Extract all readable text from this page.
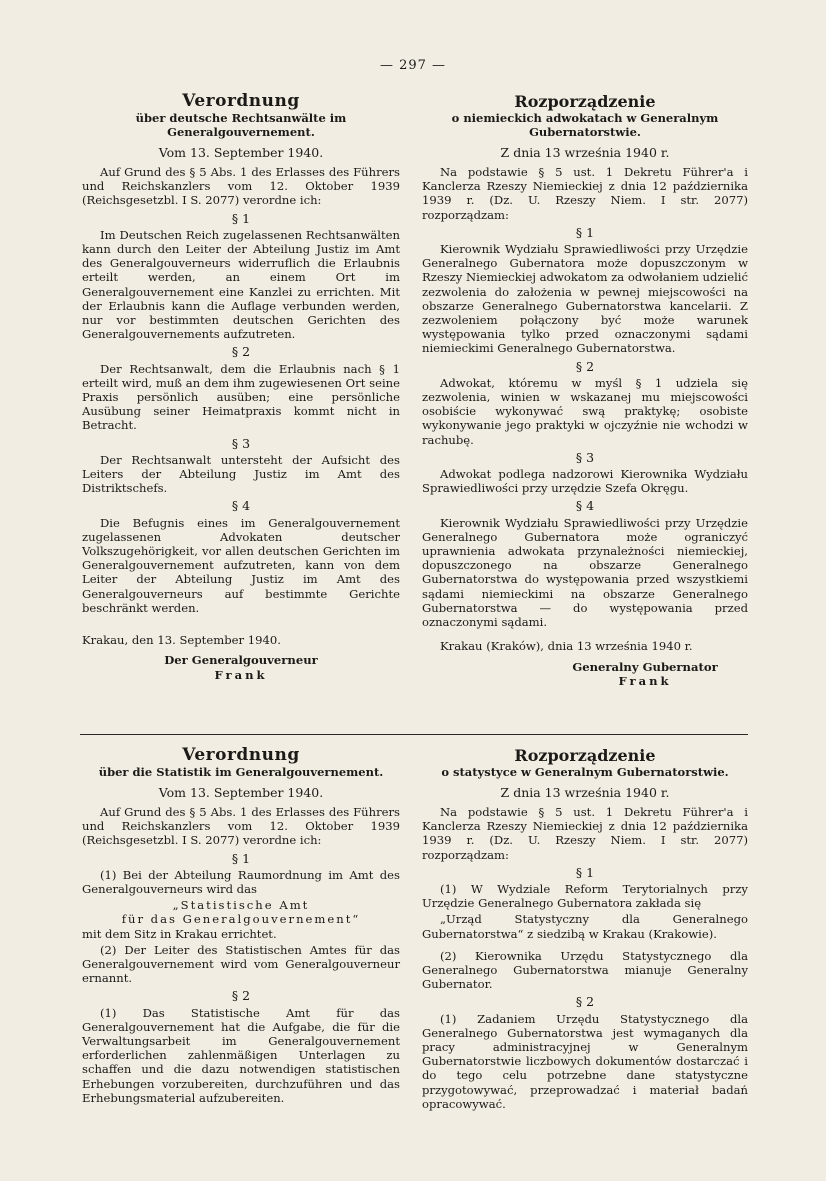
— 297 —

Verordnung

über deutsche Rechtsanwälte im Generalgouvernement.

Vom 13. September 1940.

Auf Grund des § 5 Abs. 1 des Erlasses des Führers und Reichskanzlers vom 12. Oktober 1939 (Reichsgesetzbl. I S. 2077) verordne ich:

§ 1

Im Deutschen Reich zugelassenen Rechtsanwälten kann durch den Leiter der Abteilung Justiz im Amt des Generalgouverneurs widerruflich die Erlaubnis erteilt werden, an einem Ort im Generalgouvernement eine Kanzlei zu errichten. Mit der Erlaubnis kann die Auflage verbunden werden, nur vor bestimmten deutschen Gerichten des Generalgouvernements aufzutreten.

§ 2

Der Rechtsanwalt, dem die Erlaubnis nach § 1 erteilt wird, muß an dem ihm zugewiesenen Ort seine Praxis persönlich ausüben; eine persönliche Ausübung seiner Heimatpraxis kommt nicht in Betracht.

§ 3

Der Rechtsanwalt untersteht der Aufsicht des Leiters der Abteilung Justiz im Amt des Distriktschefs.

§ 4

Die Befugnis eines im Generalgouvernement zugelassenen Advokaten deutscher Volkszugehörigkeit, vor allen deutschen Gerichten im Generalgouvernement aufzutreten, kann von dem Leiter der Abteilung Justiz im Amt des Generalgouverneurs auf bestimmte Gerichte beschränkt werden.

Krakau, den 13. September 1940.

Der Generalgouverneur

Frank

Rozporządzenie

o niemieckich adwokatach w Generalnym Gubernatorstwie.

Z dnia 13 września 1940 r.

Na podstawie § 5 ust. 1 Dekretu Führer'a i Kanclerza Rzeszy Niemieckiej z dnia 12 października 1939 r. (Dz. U. Rzeszy Niem. I str. 2077) rozporządzam:

§ 1

Kierownik Wydziału Sprawiedliwości przy Urzędzie Generalnego Gubernatora może dopuszczonym w Rzeszy Niemieckiej adwokatom za odwołaniem udzielić zezwolenia do założenia w pewnej miejscowości na obszarze Generalnego Gubernatorstwa kancelarii. Z zezwoleniem połączony być może warunek występowania tylko przed oznaczonymi sądami niemieckimi Generalnego Gubernatorstwa.

§ 2

Adwokat, któremu w myśl § 1 udziela się zezwolenia, winien w wskazanej mu miejscowości osobiście wykonywać swą praktykę; osobiste wykonywanie jego praktyki w ojczyźnie nie wchodzi w rachubę.

§ 3

Adwokat podlega nadzorowi Kierownika Wydziału Sprawiedliwości przy urzędzie Szefa Okręgu.

§ 4

Kierownik Wydziału Sprawiedliwości przy Urzędzie Generalnego Gubernatora może ograniczyć uprawnienia adwokata przynależności niemieckiej, dopuszczonego na obszarze Generalnego Gubernatorstwa do występowania przed wszystkiemi sądami niemieckimi na obszarze Generalnego Gubernatorstwa — do występowania przed oznaczonymi sądami.

Krakau (Kraków), dnia 13 września 1940 r.

Generalny Gubernator

Frank

Verordnung

über die Statistik im Generalgouvernement.

Vom 13. September 1940.

Auf Grund des § 5 Abs. 1 des Erlasses des Führers und Reichskanzlers vom 12. Oktober 1939 (Reichsgesetzbl. I S. 2077) verordne ich:

§ 1

(1) Bei der Abteilung Raumordnung im Amt des Generalgouverneurs wird das

„Statistische Amt

für das Generalgouvernement“

mit dem Sitz in Krakau errichtet.

(2) Der Leiter des Statistischen Amtes für das Generalgouvernement wird vom Generalgouverneur ernannt.

§ 2

(1) Das Statistische Amt für das Generalgouvernement hat die Aufgabe, die für die Verwaltungsarbeit im Generalgouvernement erforderlichen zahlenmäßigen Unterlagen zu schaffen und die dazu notwendigen statistischen Erhebungen vorzubereiten, durchzuführen und das Erhebungsmaterial aufzubereiten.

Rozporządzenie

o statystyce w Generalnym Gubernatorstwie.

Z dnia 13 września 1940 r.

Na podstawie § 5 ust. 1 Dekretu Führer'a i Kanclerza Rzeszy Niemieckiej z dnia 12 października 1939 r. (Dz. U. Rzeszy Niem. I str. 2077) rozporządzam:

§ 1

(1) W Wydziale Reform Terytorialnych przy Urzędzie Generalnego Gubernatora zakłada się

„Urząd Statystyczny dla Generalnego Gubernatorstwa“ z siedzibą w Krakau (Krakowie).

(2) Kierownika Urzędu Statystycznego dla Generalnego Gubernatorstwa mianuje Generalny Gubernator.

§ 2

(1) Zadaniem Urzędu Statystycznego dla Generalnego Gubernatorstwa jest wymaganych dla pracy administracyjnej w Generalnym Gubernatorstwie liczbowych dokumentów dostarczać i do tego celu potrzebne dane statystyczne przygotowywać, przeprowadzać i materiał badań opracowywać.
